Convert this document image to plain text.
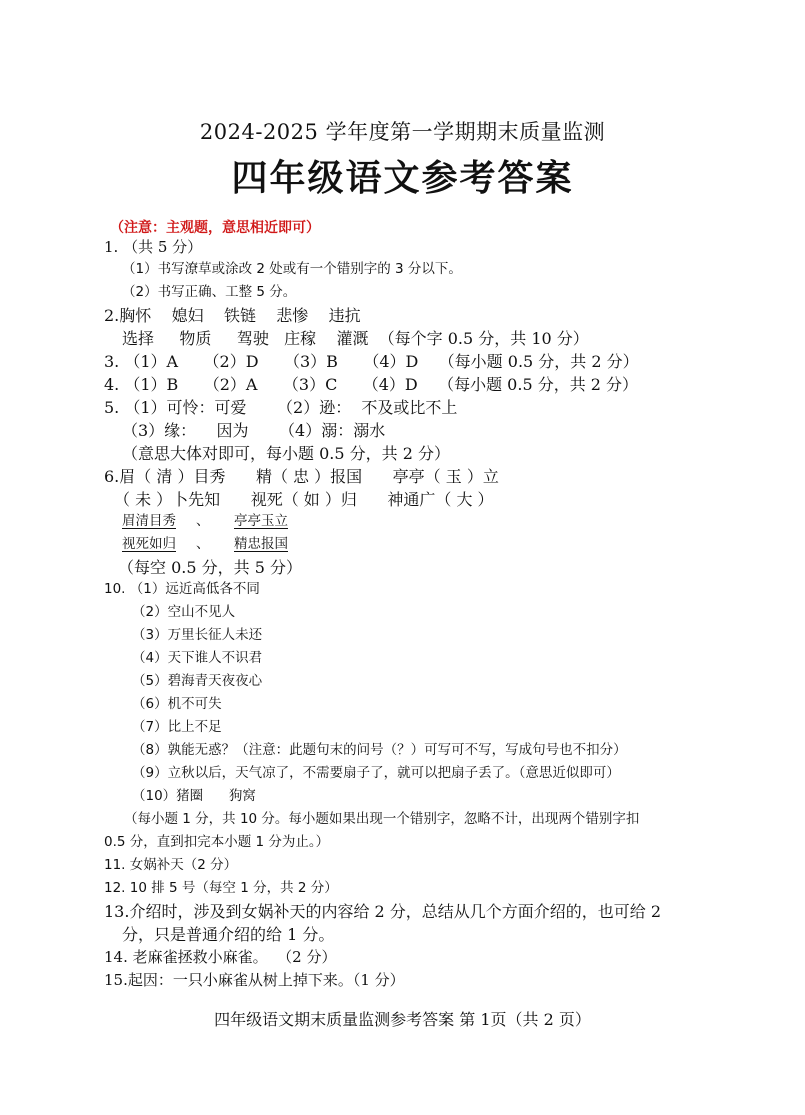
2024-2025 学年度第一学期期末质量监测
四年级语文参考答案
（注意：主观题，意思相近即可）
1. （共 5 分）
（1）书写潦草或涂改 2 处或有一个错别字的 3 分以下。
（2）书写正确、工整 5 分。
2.胸怀    媳妇    铁链    悲惨    违抗
选择     物质     驾驶   庄稼    灌溉  （每个字 0.5 分，共 10 分）
3. （1）A     （2）D     （3）B     （4）D    （每小题 0.5 分，共 2 分）
4. （1）B     （2）A     （3）C     （4）D    （每小题 0.5 分，共 2 分）
5. （1）可怜：可爱      （2）逊：  不及或比不上
（3）缘：    因为      （4）溺：溺水
（意思大体对即可，每小题 0.5 分，共 2 分）
6.眉（ 清 ）目秀      精（ 忠 ）报国      亭亭（ 玉 ）立
（ 未 ）卜先知      视死（ 如 ）归      神通广（ 大 ）
眉清目秀 、 亭亭玉立
视死如归 、 精忠报国
（每空 0.5 分，共 5 分）
10. （1）远近高低各不同
（2）空山不见人
（3）万里长征人未还
（4）天下谁人不识君
（5）碧海青天夜夜心
（6）机不可失
（7）比上不足
（8）孰能无惑？（注意：此题句末的问号（？）可写可不写，写成句号也不扣分）
（9）立秋以后，天气凉了，不需要扇子了，就可以把扇子丢了。（意思近似即可）
（10）猪圈      狗窝
（每小题 1 分，共 10 分。每小题如果出现一个错别字，忽略不计，出现两个错别字扣
0.5 分，直到扣完本小题 1 分为止。）
11. 女娲补天（2 分）
12. 10 排 5 号（每空 1 分，共 2 分）
13.介绍时，涉及到女娲补天的内容给 2 分，总结从几个方面介绍的，也可给 2
分，只是普通介绍的给 1 分。
14. 老麻雀拯救小麻雀。  （2 分）
15.起因：一只小麻雀从树上掉下来。（1 分）
四年级语文期末质量监测参考答案 第 1页（共 2 页）
